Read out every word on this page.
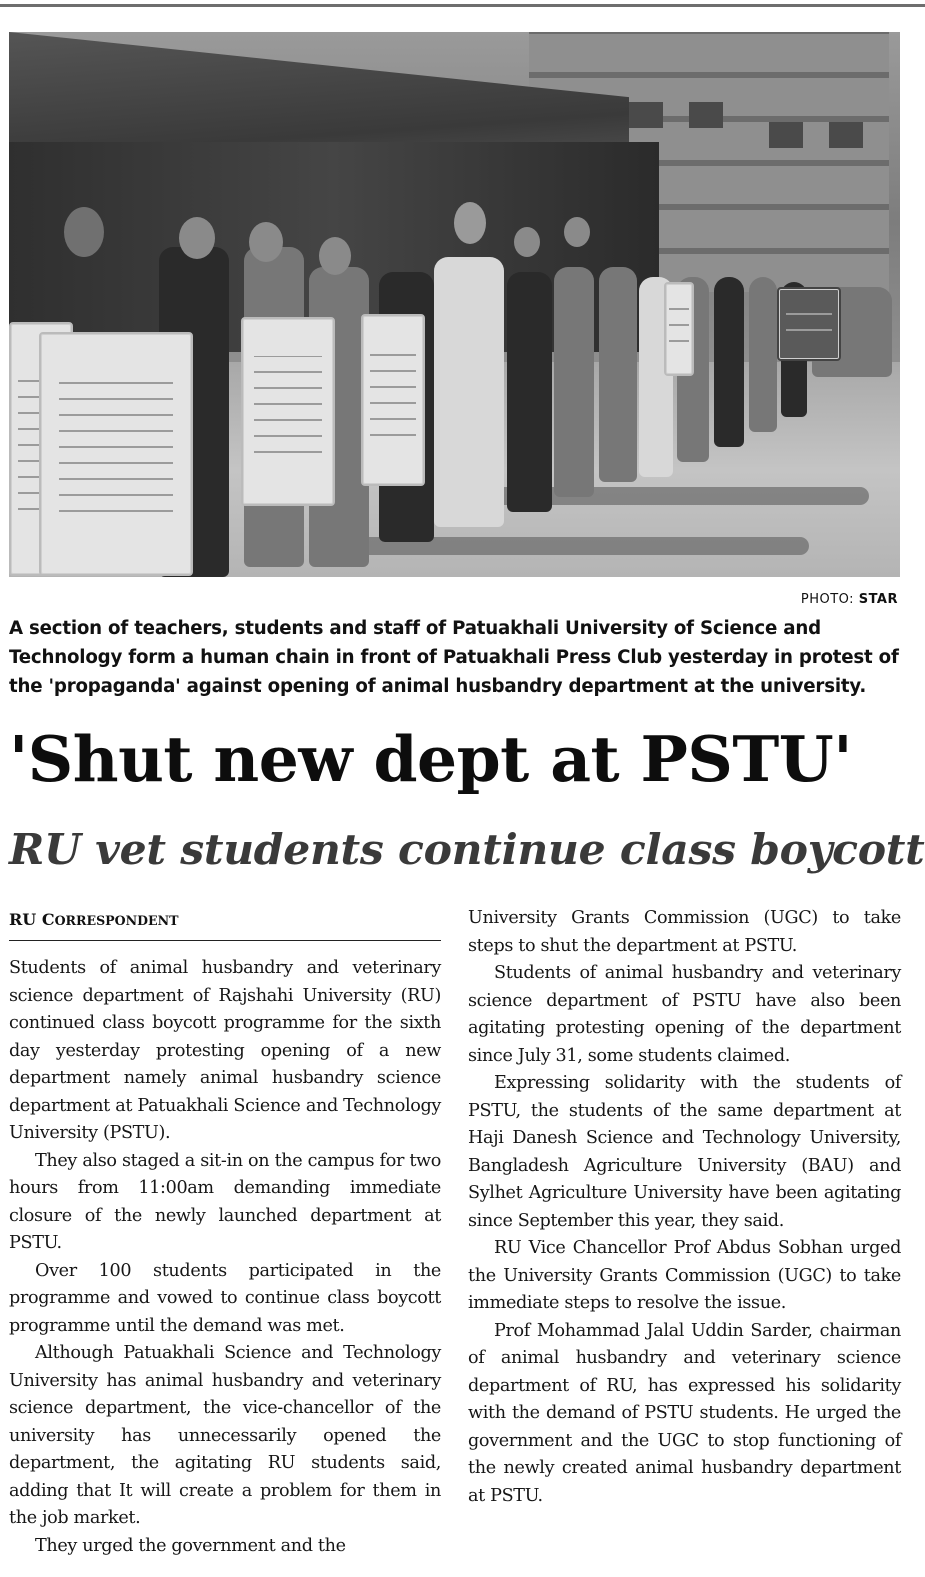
PHOTO: STAR
A section of teachers, students and staff of Patuakhali University of Science and Technology form a human chain in front of Patuakhali Press Club yesterday in protest of the 'propaganda' against opening of animal husbandry department at the university.
'Shut new dept at PSTU'
RU vet students continue class boycott
RU CORRESPONDENT

Students of animal husbandry and veterinary science department of Rajshahi University (RU) continued class boycott programme for the sixth day yesterday protesting opening of a new department namely animal husbandry science department at Patuakhali Science and Technology University (PSTU).

They also staged a sit-in on the campus for two hours from 11:00am demanding immediate closure of the newly launched department at PSTU.

Over 100 students participated in the programme and vowed to continue class boycott programme until the demand was met.

Although Patuakhali Science and Technology University has animal husbandry and veterinary science department, the vice-chancellor of the university has unnecessarily opened the department, the agitating RU students said, adding that It will create a problem for them in the job market.

They urged the government and the

University Grants Commission (UGC) to take steps to shut the department at PSTU.

Students of animal husbandry and veterinary science department of PSTU have also been agitating protesting opening of the department since July 31, some students claimed.

Expressing solidarity with the students of PSTU, the students of the same department at Haji Danesh Science and Technology University, Bangladesh Agriculture University (BAU) and Sylhet Agriculture University have been agitating since September this year, they said.

RU Vice Chancellor Prof Abdus Sobhan urged the University Grants Commission (UGC) to take immediate steps to resolve the issue.

Prof Mohammad Jalal Uddin Sarder, chairman of animal husbandry and veterinary science department of RU, has expressed his solidarity with the demand of PSTU students. He urged the government and the UGC to stop functioning of the newly created animal husbandry department at PSTU.
